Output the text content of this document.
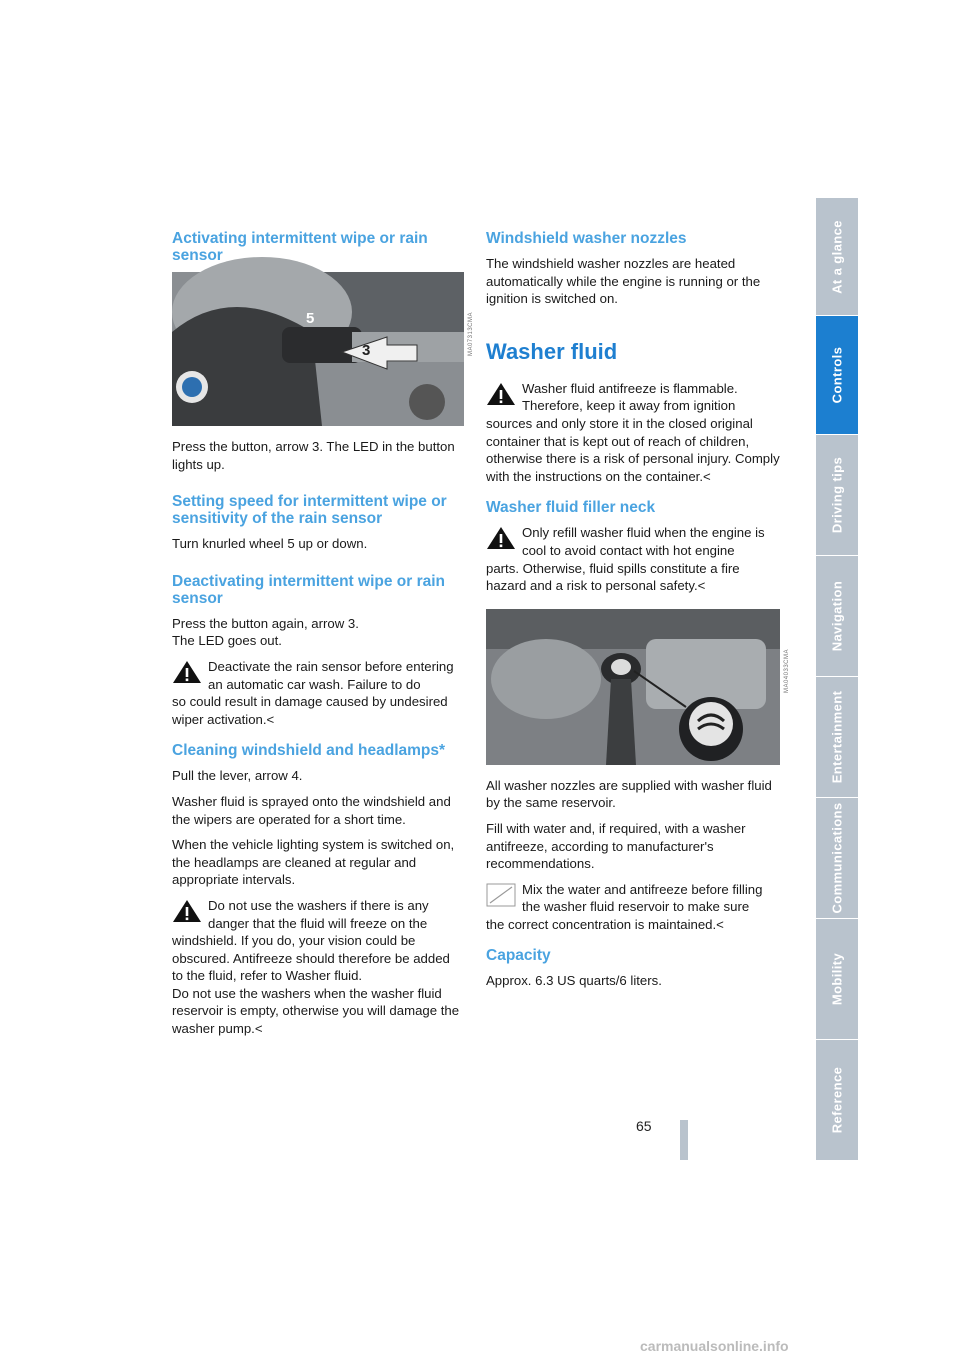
Activating intermittent wipe or rain sensor
5
3	MA07313CMA

Press the button, arrow 3. The LED in the button lights up.

Setting speed for intermittent wipe or sensitivity of the rain sensor

Turn knurled wheel 5 up or down.

Deactivating intermittent wipe or rain sensor

Press the button again, arrow 3.

The LED goes out.

Deactivate the rain sensor before entering an automatic car wash. Failure to do
so could result in damage caused by undesired wiper activation.<
Cleaning windshield and headlamps*

Pull the lever, arrow 4.

Washer fluid is sprayed onto the windshield and the wipers are operated for a short time.

When the vehicle lighting system is switched on, the headlamps are cleaned at regular and appropriate intervals.

Do not use the washers if there is any danger that the fluid will freeze on the
windshield. If you do, your vision could be obscured. Antifreeze should therefore be added to the fluid, refer to Washer fluid.
Do not use the washers when the washer fluid reservoir is empty, otherwise you will damage the washer pump.<
Windshield washer nozzles

The windshield washer nozzles are heated automatically while the engine is running or the ignition is switched on.

Washer fluid
Washer fluid antifreeze is flammable. Therefore, keep it away from ignition
sources and only store it in the closed original container that is kept out of reach of children, otherwise there is a risk of personal injury. Comply with the instructions on the container.<
Washer fluid filler neck
Only refill washer fluid when the engine is cool to avoid contact with hot engine
parts. Otherwise, fluid spills constitute a fire hazard and a risk to personal safety.<
MA04033CMA

All washer nozzles are supplied with washer fluid by the same reservoir.

Fill with water and, if required, with a washer antifreeze, according to manufacturer's recommendations.

Mix the water and antifreeze before filling the washer fluid reservoir to make sure
the correct concentration is maintained.<
Capacity

Approx. 6.3 US quarts/6 liters.

At a glance
Controls
Driving tips
Navigation
Entertainment
Communications
Mobility
Reference
65
carmanualsonline.info
